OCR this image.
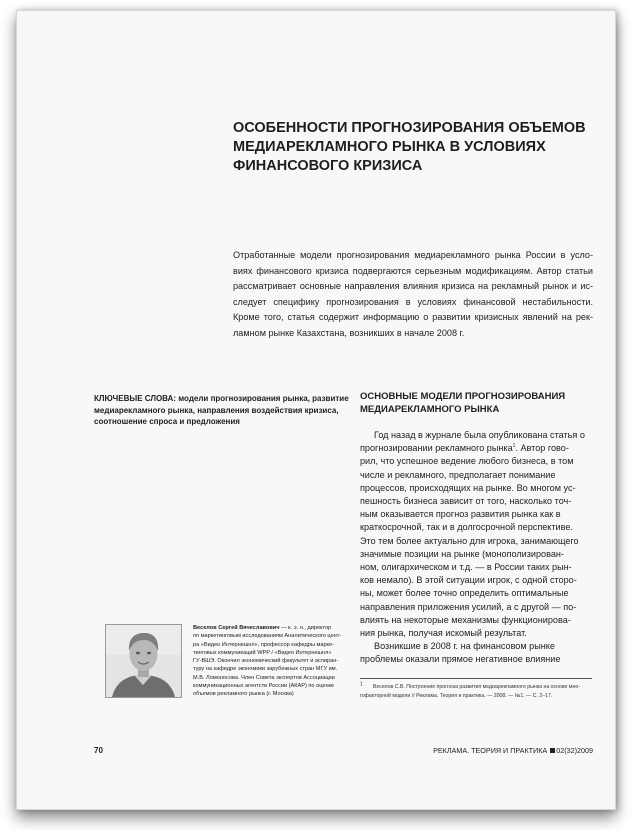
ОСОБЕННОСТИ ПРОГНОЗИРОВАНИЯ ОБЪЕМОВ
МЕДИАРЕКЛАМНОГО РЫНКА В УСЛОВИЯХ
ФИНАНСОВОГО КРИЗИСА
Отработанные модели прогнозирования медиарекламного рынка России в усло-
виях финансового кризиса подвергаются серьезным модификациям. Автор статьи
рассматривает основные направления влияния кризиса на рекламный рынок и ис-
следует специфику прогнозирования в условиях финансовой нестабильности.
Кроме того, статья содержит информацию о развитии кризисных явлений на рек-
ламном рынке Казахстана, возникших в начале 2008 г.
КЛЮЧЕВЫЕ СЛОВА: модели прогнозирования рынка, развитие
медиарекламного рынка, направления воздействия кризиса,
соотношение спроса и предложения
ОСНОВНЫЕ МОДЕЛИ ПРОГНОЗИРОВАНИЯ
МЕДИАРЕКЛАМНОГО РЫНКА
Год назад в журнале была опубликована статья о
прогнозировании рекламного рынка$^1$. Автор гово-
рил, что успешное ведение любого бизнеса, в том
числе и рекламного, предполагает понимание
процессов, происходящих на рынке. Во многом ус-
пешность бизнеса зависит от того, насколько точ-
ным оказывается прогноз развития рынка как в
краткосрочной, так и в долгосрочной перспективе.
Это тем более актуально для игрока, занимающего
значимые позиции на рынке (монополизирован-
ном, олигархическом и т.д. — в России таких рын-
ков немало). В этой ситуации игрок, с одной сторо-
ны, может более точно определить оптимальные
направления приложения усилий, а с другой — по-
влиять на некоторые механизмы функционирова-
ния рынка, получая искомый результат.
Возникшие в 2008 г. на финансовом рынке
проблемы оказали прямое негативное влияние
$^1$ Веселов С.В. Построение прогноза развития медиарекламного рынка на основе мно-
гофакторной модели // Реклама. Теория и практика. — 2008. — №1. — С. 2–17.
Веселов Сергей Вячеславович — к. э. н., директор
по маркетинговым исследованиям Аналитического цент-
ра «Видео Интернешнл», профессор кафедры марке-
тинговых коммуникаций WPP / «Видео Интернешнл»
ГУ-ВШЭ. Окончил экономический факультет и аспиран-
туру на кафедре экономики зарубежных стран МГУ им.
М.В. Ломоносова. Член Совета экспертов Ассоциации
коммуникационных агентств России (АКАР) по оценке
объемов рекламного рынка (г. Москва)
70	РЕКЛАМА. ТЕОРИЯ И ПРАКТИКА 02(32)2009
